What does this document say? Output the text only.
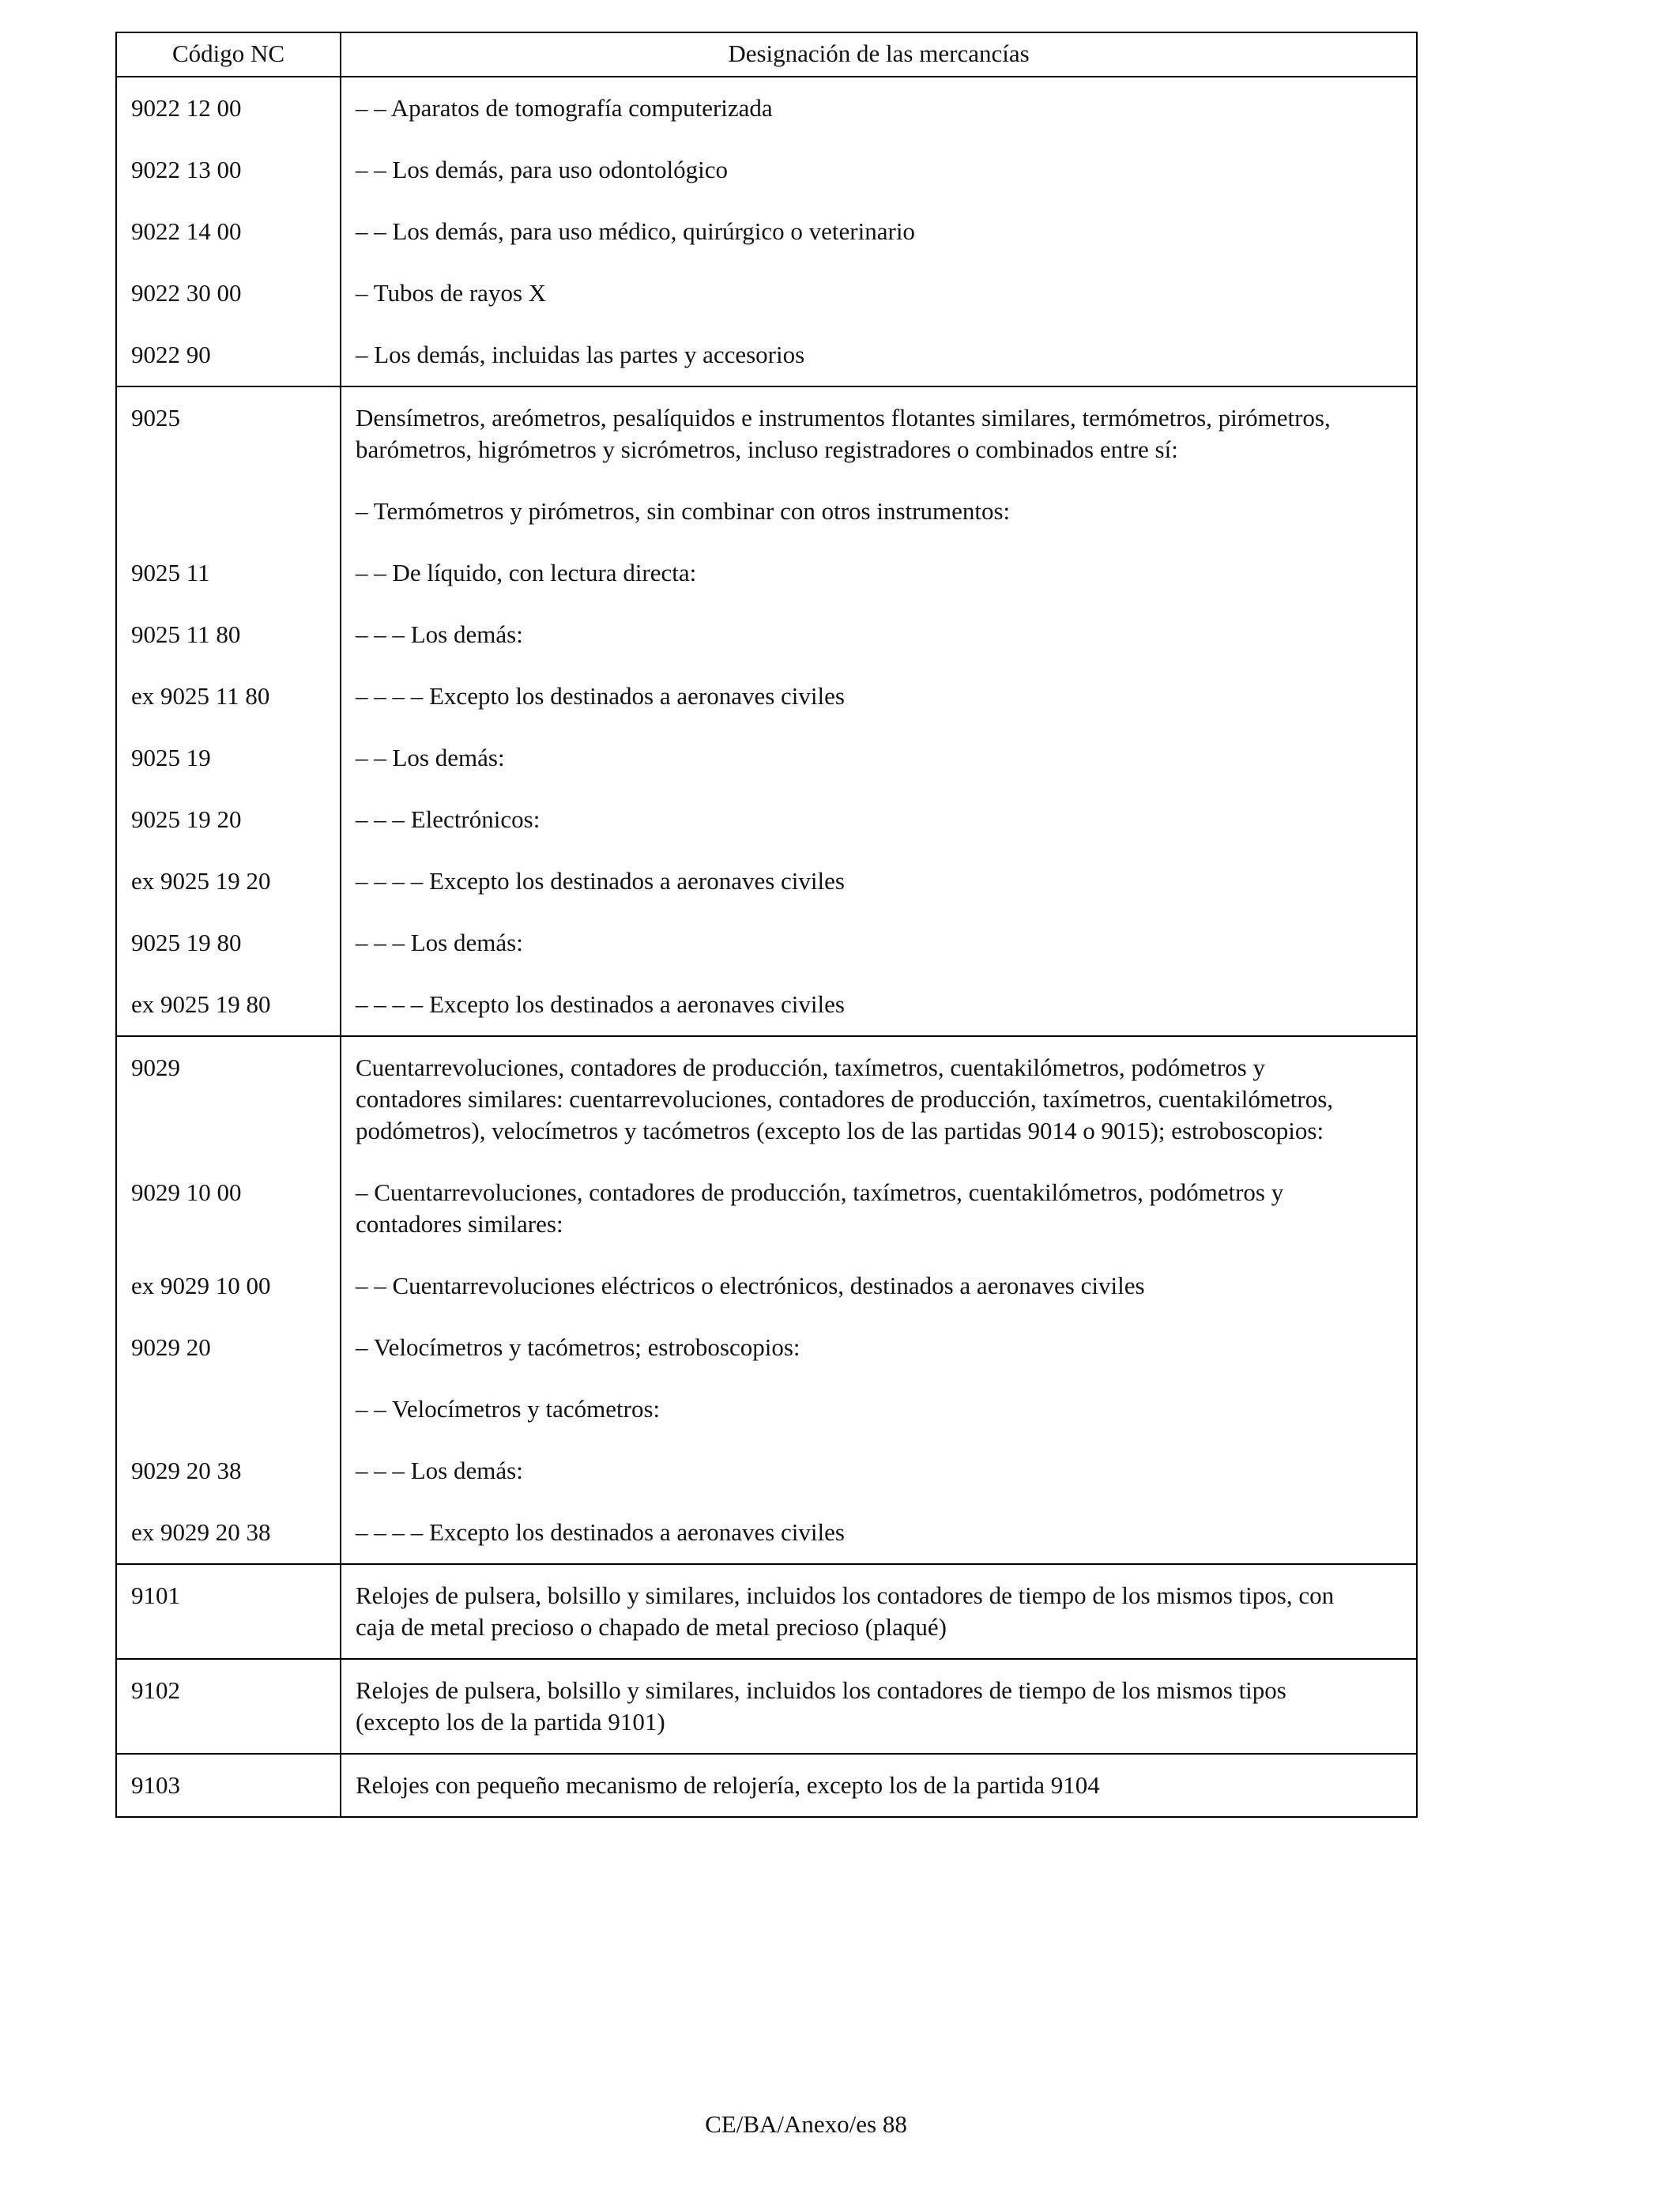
Código NC	Designación de las mercancías
9022 12 00	– – Aparatos de tomografía computerizada
9022 13 00	– – Los demás, para uso odontológico
9022 14 00	– – Los demás, para uso médico, quirúrgico o veterinario
9022 30 00	– Tubos de rayos X
9022 90	– Los demás, incluidas las partes y accesorios
9025	Densímetros, areómetros, pesalíquidos e instrumentos flotantes similares, termómetros, pirómetros, barómetros, higrómetros y sicrómetros, incluso registradores o combinados entre sí:
	– Termómetros y pirómetros, sin combinar con otros instrumentos:
9025 11	– – De líquido, con lectura directa:
9025 11 80	– – – Los demás:
ex 9025 11 80	– – – – Excepto los destinados a aeronaves civiles
9025 19	– – Los demás:
9025 19 20	– – – Electrónicos:
ex 9025 19 20	– – – – Excepto los destinados a aeronaves civiles
9025 19 80	– – – Los demás:
ex 9025 19 80	– – – – Excepto los destinados a aeronaves civiles
9029	Cuentarrevoluciones, contadores de producción, taxímetros, cuentakilómetros, podómetros y contadores similares: cuentarrevoluciones, contadores de producción, taxímetros, cuentakilómetros, podómetros), velocímetros y tacómetros (excepto los de las partidas 9014 o 9015); estroboscopios:
9029 10 00	– Cuentarrevoluciones, contadores de producción, taxímetros, cuentakilómetros, podómetros y contadores similares:
ex 9029 10 00	– – Cuentarrevoluciones eléctricos o electrónicos, destinados a aeronaves civiles
9029 20	– Velocímetros y tacómetros; estroboscopios:
	– – Velocímetros y tacómetros:
9029 20 38	– – – Los demás:
ex 9029 20 38	– – – – Excepto los destinados a aeronaves civiles
9101	Relojes de pulsera, bolsillo y similares, incluidos los contadores de tiempo de los mismos tipos, con caja de metal precioso o chapado de metal precioso (plaqué)
9102	Relojes de pulsera, bolsillo y similares, incluidos los contadores de tiempo de los mismos tipos (excepto los de la partida 9101)
9103	Relojes con pequeño mecanismo de relojería, excepto los de la partida 9104
CE/BA/Anexo/es 88
